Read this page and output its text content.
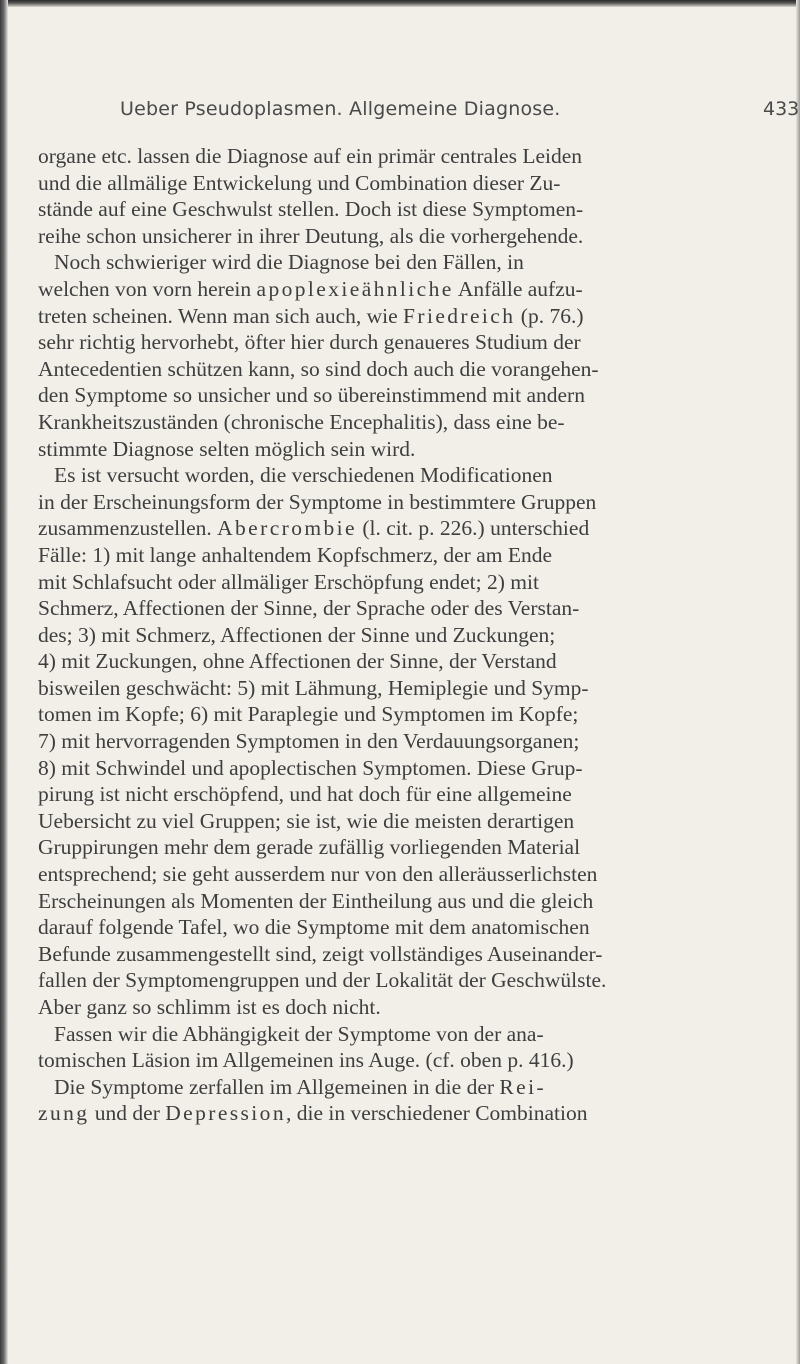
Ueber Pseudoplasmen. Allgemeine Diagnose.	433
organe etc. lassen die Diagnose auf ein primär centrales Leiden
und die allmälige Entwickelung und Combination dieser Zu-
stände auf eine Geschwulst stellen. Doch ist diese Symptomen-
reihe schon unsicherer in ihrer Deutung, als die vorhergehende.
Noch schwieriger wird die Diagnose bei den Fällen, in
welchen von vorn herein apoplexieähnliche Anfälle aufzu-
treten scheinen. Wenn man sich auch, wie Friedreich (p. 76.)
sehr richtig hervorhebt, öfter hier durch genaueres Studium der
Antecedentien schützen kann, so sind doch auch die vorangehen-
den Symptome so unsicher und so übereinstimmend mit andern
Krankheitszuständen (chronische Encephalitis), dass eine be-
stimmte Diagnose selten möglich sein wird.
Es ist versucht worden, die verschiedenen Modificationen
in der Erscheinungsform der Symptome in bestimmtere Gruppen
zusammenzustellen. Abercrombie (l. cit. p. 226.) unterschied
Fälle: 1) mit lange anhaltendem Kopfschmerz, der am Ende
mit Schlafsucht oder allmäliger Erschöpfung endet; 2) mit
Schmerz, Affectionen der Sinne, der Sprache oder des Verstan-
des; 3) mit Schmerz, Affectionen der Sinne und Zuckungen;
4) mit Zuckungen, ohne Affectionen der Sinne, der Verstand
bisweilen geschwächt: 5) mit Lähmung, Hemiplegie und Symp-
tomen im Kopfe; 6) mit Paraplegie und Symptomen im Kopfe;
7) mit hervorragenden Symptomen in den Verdauungsorganen;
8) mit Schwindel und apoplectischen Symptomen. Diese Grup-
pirung ist nicht erschöpfend, und hat doch für eine allgemeine
Uebersicht zu viel Gruppen; sie ist, wie die meisten derartigen
Gruppirungen mehr dem gerade zufällig vorliegenden Material
entsprechend; sie geht ausserdem nur von den alleräusserlichsten
Erscheinungen als Momenten der Eintheilung aus und die gleich
darauf folgende Tafel, wo die Symptome mit dem anatomischen
Befunde zusammengestellt sind, zeigt vollständiges Auseinander-
fallen der Symptomengruppen und der Lokalität der Geschwülste.
Aber ganz so schlimm ist es doch nicht.
Fassen wir die Abhängigkeit der Symptome von der ana-
tomischen Läsion im Allgemeinen ins Auge. (cf. oben p. 416.)
Die Symptome zerfallen im Allgemeinen in die der Rei-
zung und der Depression, die in verschiedener Combination
